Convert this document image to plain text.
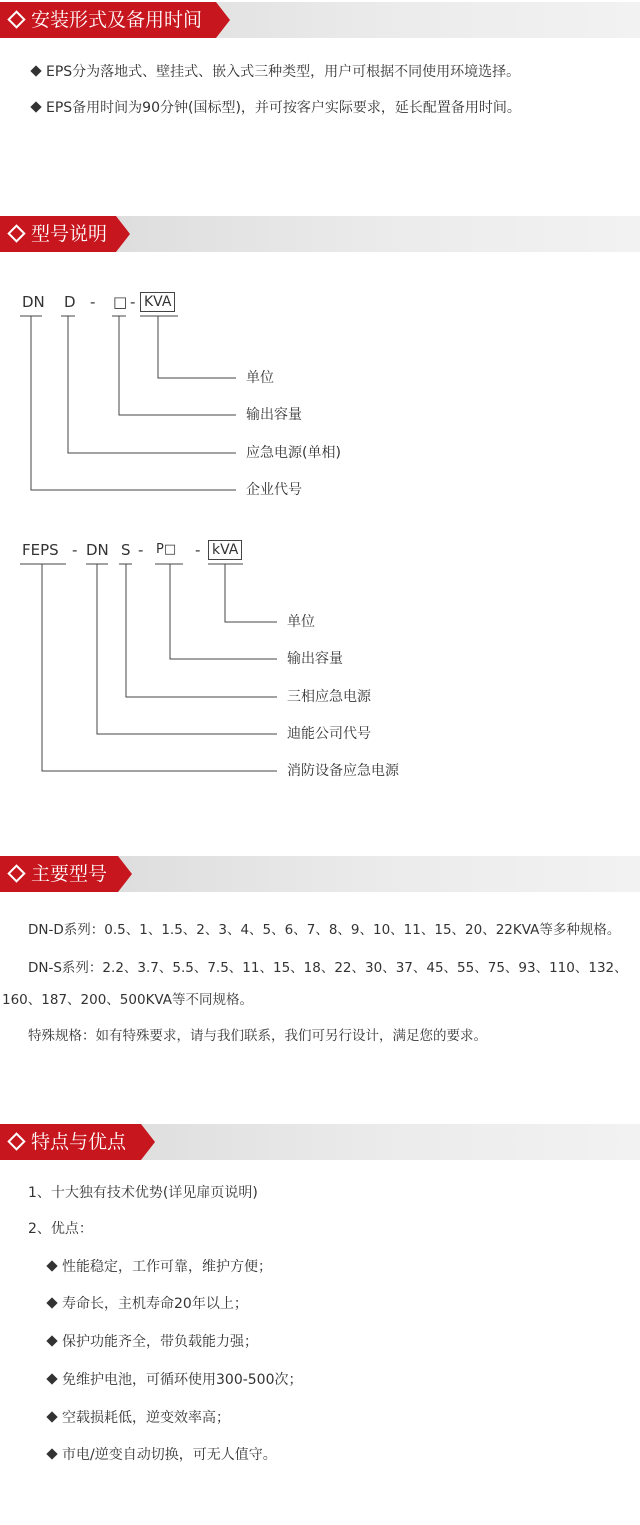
安装形式及备用时间
EPS分为落地式、壁挂式、嵌入式三种类型，用户可根据不同使用环境选择。
EPS备用时间为90分钟(国标型)，并可按客户实际要求，延长配置备用时间。
型号说明
DN D - □ - KVA
单位
输出容量
应急电源(单相)
企业代号
FEPS - DN S - P□ - kVA
单位
输出容量
三相应急电源
迪能公司代号
消防设备应急电源
主要型号
DN-D系列：0.5、1、1.5、2、3、4、5、6、7、8、9、10、11、15、20、22KVA等多种规格。
DN-S系列：2.2、3.7、5.5、7.5、11、15、18、22、30、37、45、55、75、93、110、132、
160、187、200、500KVA等不同规格。
特殊规格：如有特殊要求，请与我们联系，我们可另行设计，满足您的要求。
特点与优点
1、十大独有技术优势(详见扉页说明)
2、优点：
性能稳定，工作可靠，维护方便；
寿命长，主机寿命20年以上；
保护功能齐全，带负载能力强；
免维护电池，可循环使用300-500次；
空载损耗低，逆变效率高；
市电/逆变自动切换，可无人值守。
